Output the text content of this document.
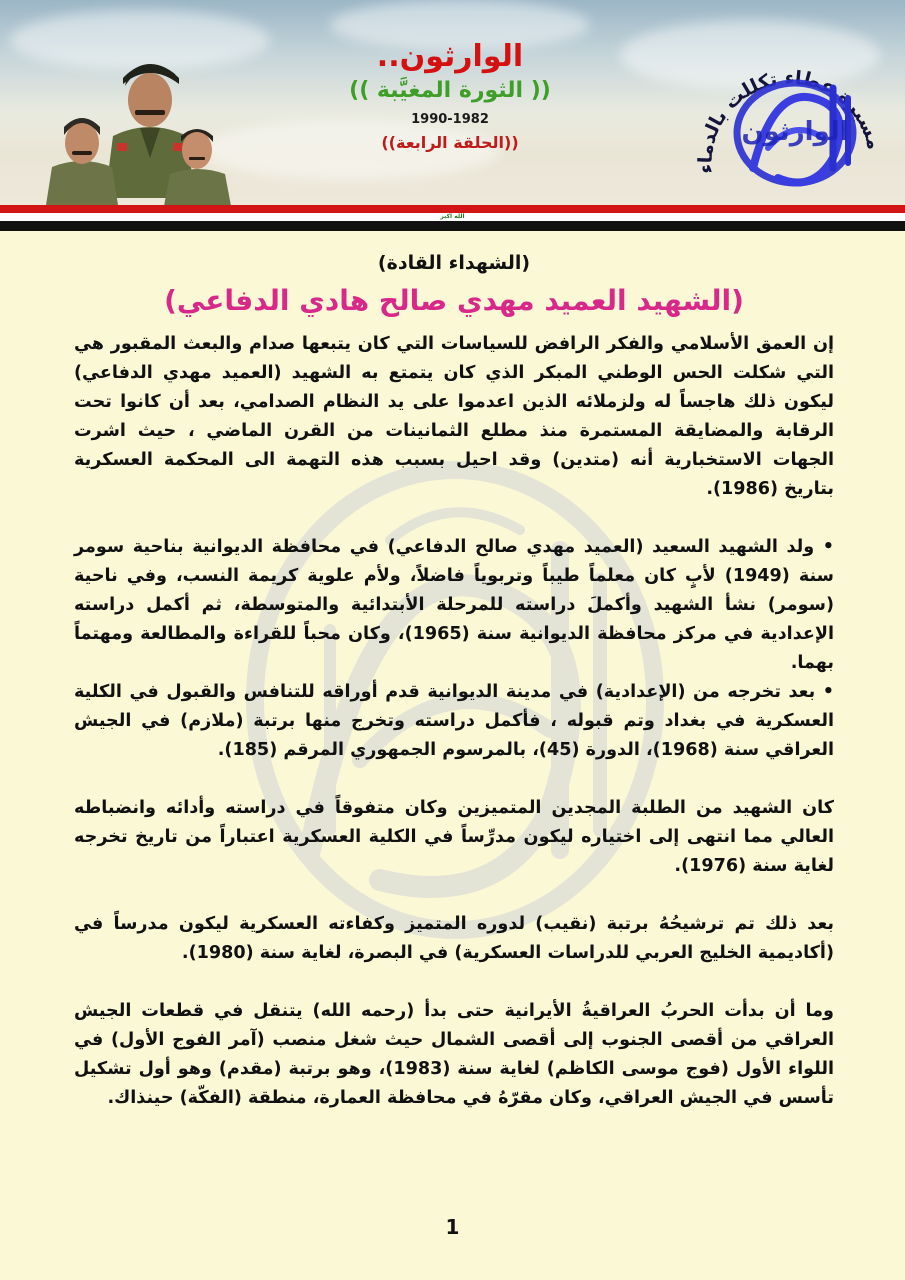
الوارثون..
(( الثورة المغيَّبة ))
1990-1982
((الحلقة الرابعة))
مسيرة عطاء تكللت بالدماء
الوارثون
الله اكبر
(الشهداء القادة)
(الشهيد العميد مهدي صالح هادي الدفاعي)

إن العمق الأسلامي والفكر الرافض للسياسات التي كان يتبعها صدام والبعث المقبور هي التي شكلت الحس الوطني المبكر الذي كان يتمتع به الشهيد (العميد مهدي الدفاعي) ليكون ذلك هاجساً له ولزملائه الذين اعدموا على يد النظام الصدامي، بعد أن كانوا تحت الرقابة والمضايقة المستمرة منذ مطلع الثمانينات من القرن الماضي ، حيث اشرت الجهات الاستخبارية أنه (متدين) وقد احيل بسبب هذه التهمة الى المحكمة العسكرية بتاريخ (1986).

• ولد الشهيد السعيد (العميد مهدي صالح الدفاعي) في محافظة الديوانية بناحية سومر سنة (1949) لأبٍ كان معلماً طيباً وتربوياً فاضلاً، ولأم علوية كريمة النسب، وفي ناحية (سومر) نشأ الشهيد وأكملَ دراسته للمرحلة الأبتدائية والمتوسطة، ثم أكمل دراسته الإعدادية في مركز محافظة الديوانية سنة (1965)، وكان محباً للقراءة والمطالعة ومهتماً بهما.

• بعد تخرجه من (الإعدادية) في مدينة الديوانية قدم أوراقه للتنافس والقبول في الكلية العسكرية في بغداد وتم قبوله ، فأكمل دراسته وتخرج منها برتبة (ملازم) في الجيش العراقي سنة (1968)، الدورة (45)، بالمرسوم الجمهوري المرقم (185).

كان الشهيد من الطلبة المجدين المتميزين وكان متفوقاً في دراسته وأدائه وانضباطه العالي مما انتهى إلى اختياره ليكون مدرِّساً في الكلية العسكرية اعتباراً من تاريخ تخرجه لغاية سنة (1976).

بعد ذلك تم ترشيحُهُ برتبة (نقيب) لدوره المتميز وكفاءته العسكرية ليكون مدرساً في (أكاديمية الخليج العربي للدراسات العسكرية) في البصرة، لغاية سنة (1980).

وما أن بدأت الحربُ العراقيةُ الأيرانية حتى بدأ (رحمه الله) يتنقل في قطعات الجيش العراقي من أقصى الجنوب إلى أقصى الشمال حيث شغل منصب (آمر الفوج الأول) في اللواء الأول (فوج موسى الكاظم) لغاية سنة (1983)، وهو برتبة (مقدم) وهو أول تشكيل تأسس في الجيش العراقي، وكان مقرّهُ في محافظة العمارة، منطقة (الفكّة) حينذاك.

1
